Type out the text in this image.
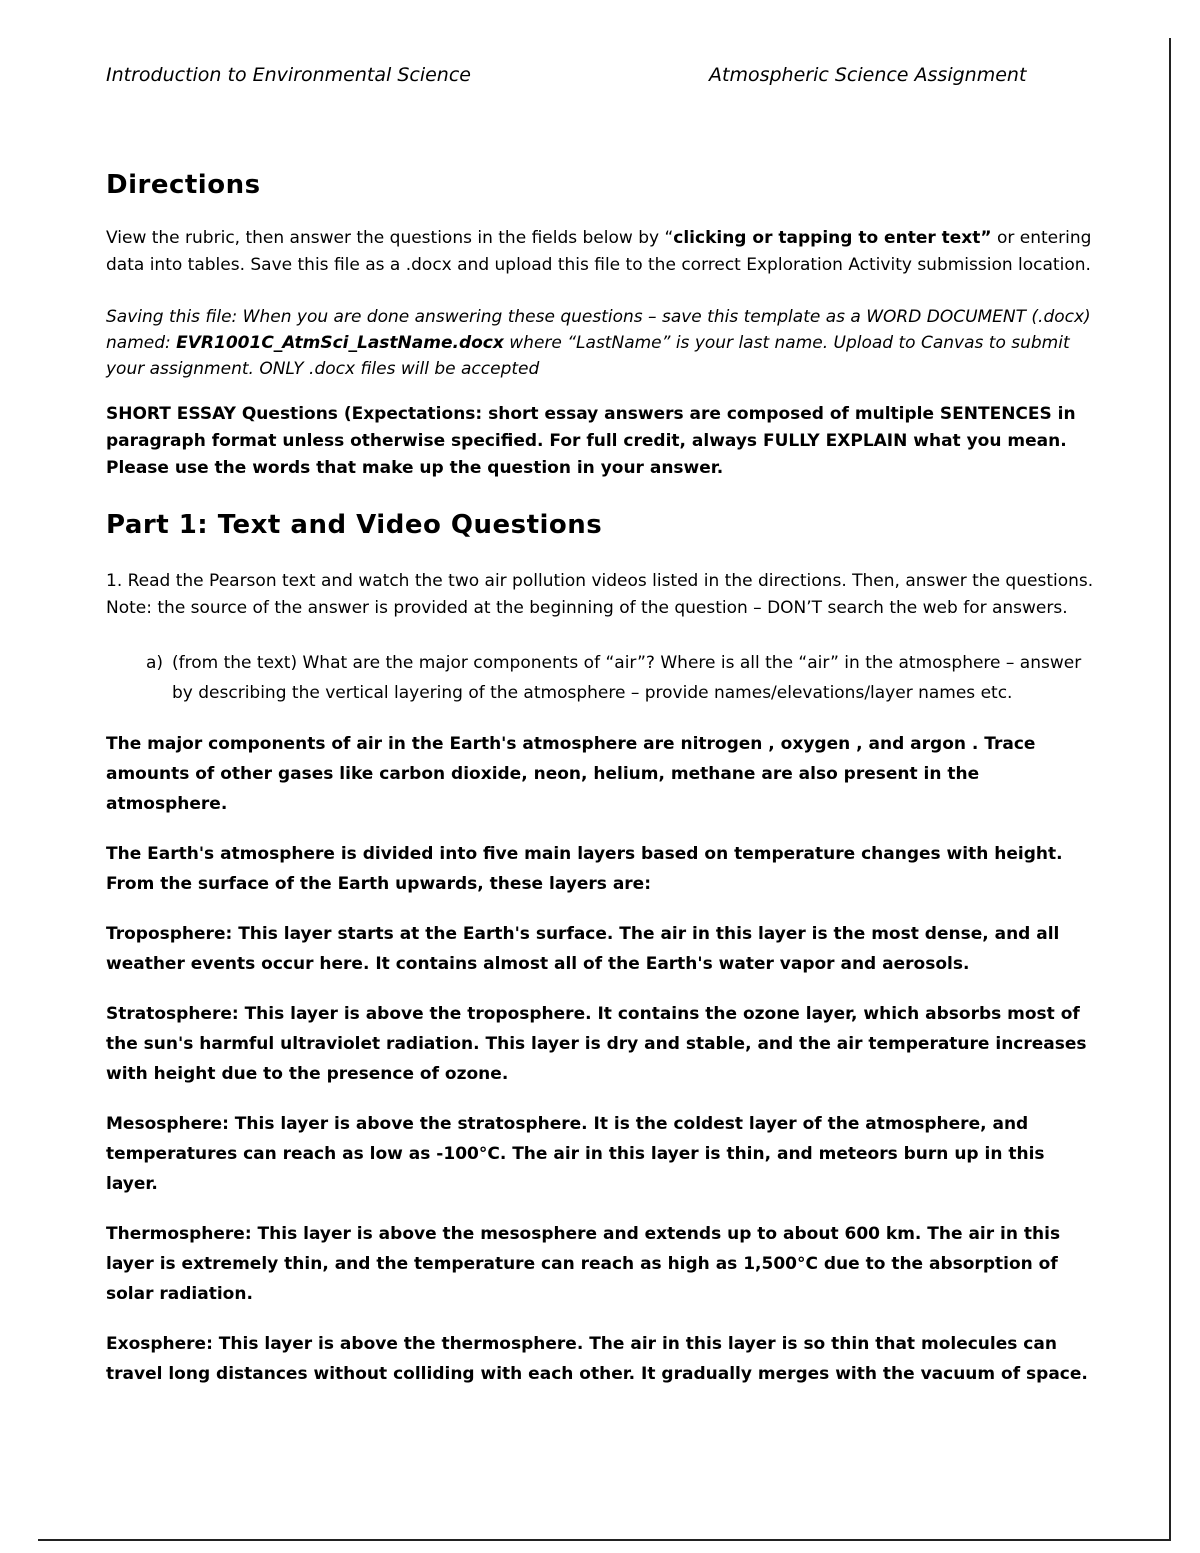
Introduction to Environmental Science	Atmospheric Science Assignment
Directions

View the rubric, then answer the questions in the fields below by “clicking or tapping to enter text” or entering data into tables. Save this file as a .docx and upload this file to the correct Exploration Activity submission location.

Saving this file: When you are done answering these questions – save this template as a WORD DOCUMENT (.docx) named: EVR1001C_AtmSci_LastName.docx where “LastName” is your last name. Upload to Canvas to submit your assignment. ONLY .docx files will be accepted

SHORT ESSAY Questions (Expectations: short essay answers are composed of multiple SENTENCES in paragraph format unless otherwise specified. For full credit, always FULLY EXPLAIN what you mean. Please use the words that make up the question in your answer.

Part 1: Text and Video Questions

1. Read the Pearson text and watch the two air pollution videos listed in the directions. Then, answer the questions. Note: the source of the answer is provided at the beginning of the question – DON’T search the web for answers.

a) (from the text) What are the major components of “air”? Where is all the “air” in the atmosphere – answer by describing the vertical layering of the atmosphere – provide names/elevations/layer names etc.

The major components of air in the Earth's atmosphere are nitrogen , oxygen , and argon . Trace amounts of other gases like carbon dioxide, neon, helium, methane are also present in the atmosphere.

The Earth's atmosphere is divided into five main layers based on temperature changes with height. From the surface of the Earth upwards, these layers are:

Troposphere: This layer starts at the Earth's surface. The air in this layer is the most dense, and all weather events occur here. It contains almost all of the Earth's water vapor and aerosols.

Stratosphere: This layer is above the troposphere. It contains the ozone layer, which absorbs most of the sun's harmful ultraviolet radiation. This layer is dry and stable, and the air temperature increases with height due to the presence of ozone.

Mesosphere: This layer is above the stratosphere. It is the coldest layer of the atmosphere, and temperatures can reach as low as -100°C. The air in this layer is thin, and meteors burn up in this layer.

Thermosphere: This layer is above the mesosphere and extends up to about 600 km. The air in this layer is extremely thin, and the temperature can reach as high as 1,500°C due to the absorption of solar radiation.

Exosphere: This layer is above the thermosphere. The air in this layer is so thin that molecules can travel long distances without colliding with each other. It gradually merges with the vacuum of space.
